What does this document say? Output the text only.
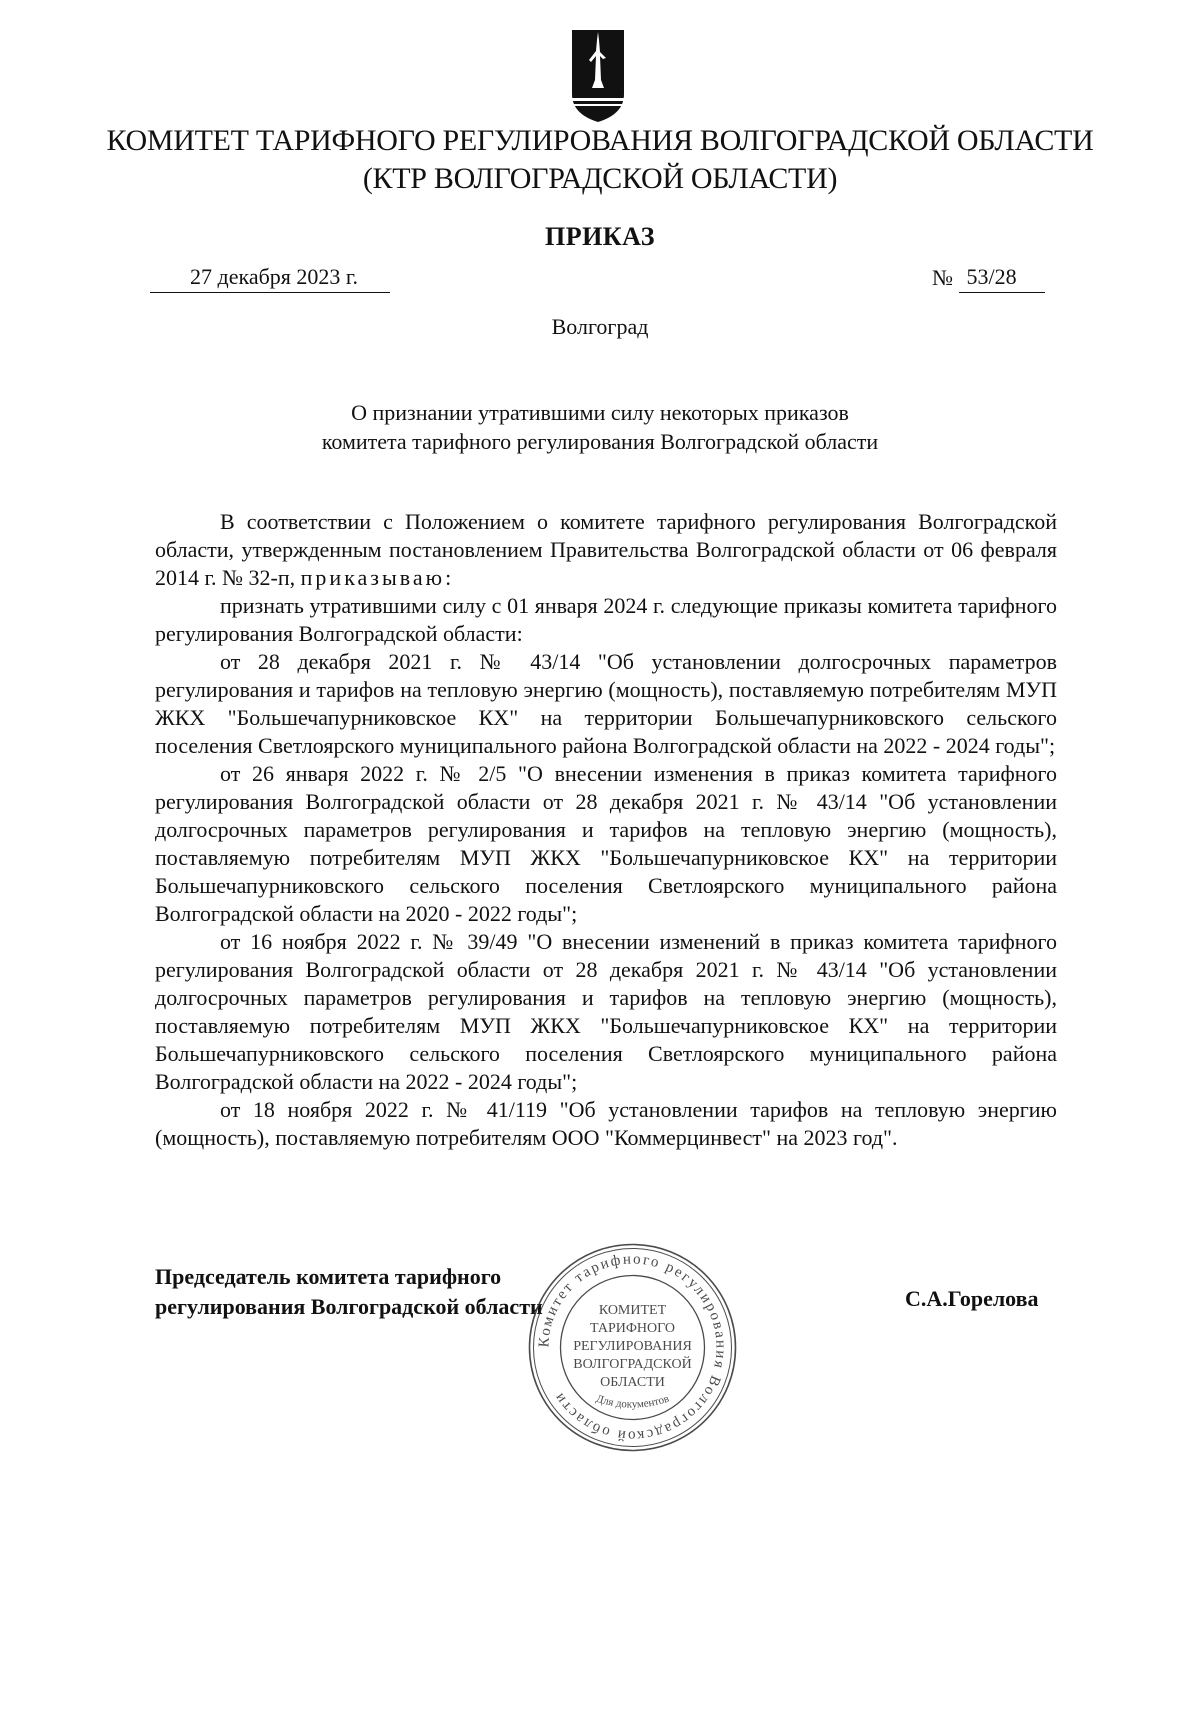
КОМИТЕТ ТАРИФНОГО РЕГУЛИРОВАНИЯ ВОЛГОГРАДСКОЙ ОБЛАСТИ
(КТР ВОЛГОГРАДСКОЙ ОБЛАСТИ)
ПРИКАЗ
27 декабря 2023 г.	№ 53/28
Волгоград
О признании утратившими силу некоторых приказов
комитета тарифного регулирования Волгоградской области

В соответствии с Положением о комитете тарифного регулирования Волгоградской области, утвержденным постановлением Правительства Волгоградской области от 06 февраля 2014 г. № 32-п, приказываю:

признать утратившими силу с 01 января 2024 г. следующие приказы комитета тарифного регулирования Волгоградской области:

от 28 декабря 2021 г. № 43/14 "Об установлении долгосрочных параметров регулирования и тарифов на тепловую энергию (мощность), поставляемую потребителям МУП ЖКХ "Большечапурниковское КХ" на территории Большечапурниковского сельского поселения Светлоярского муниципального района Волгоградской области на 2022 - 2024 годы";

от 26 января 2022 г. № 2/5 "О внесении изменения в приказ комитета тарифного регулирования Волгоградской области от 28 декабря 2021 г. № 43/14 "Об установлении долгосрочных параметров регулирования и тарифов на тепловую энергию (мощность), поставляемую потребителям МУП ЖКХ "Большечапурниковское КХ" на территории Большечапурниковского сельского поселения Светлоярского муниципального района Волгоградской области на 2020 - 2022 годы";

от 16 ноября 2022 г. № 39/49 "О внесении изменений в приказ комитета тарифного регулирования Волгоградской области от 28 декабря 2021 г. № 43/14 "Об установлении долгосрочных параметров регулирования и тарифов на тепловую энергию (мощность), поставляемую потребителям МУП ЖКХ "Большечапурниковское КХ" на территории Большечапурниковского сельского поселения Светлоярского муниципального района Волгоградской области на 2022 - 2024 годы";

от 18 ноября 2022 г. № 41/119 "Об установлении тарифов на тепловую энергию (мощность), поставляемую потребителям ООО "Коммерцинвест" на 2023 год".

Председатель комитета тарифного
регулирования Волгоградской области	С.А.Горелова
Комитет тарифного регулирования Волгоградской области
КОМИТЕТ
ТАРИФНОГО
РЕГУЛИРОВАНИЯ
ВОЛГОГРАДСКОЙ
ОБЛАСТИ
Для документов
